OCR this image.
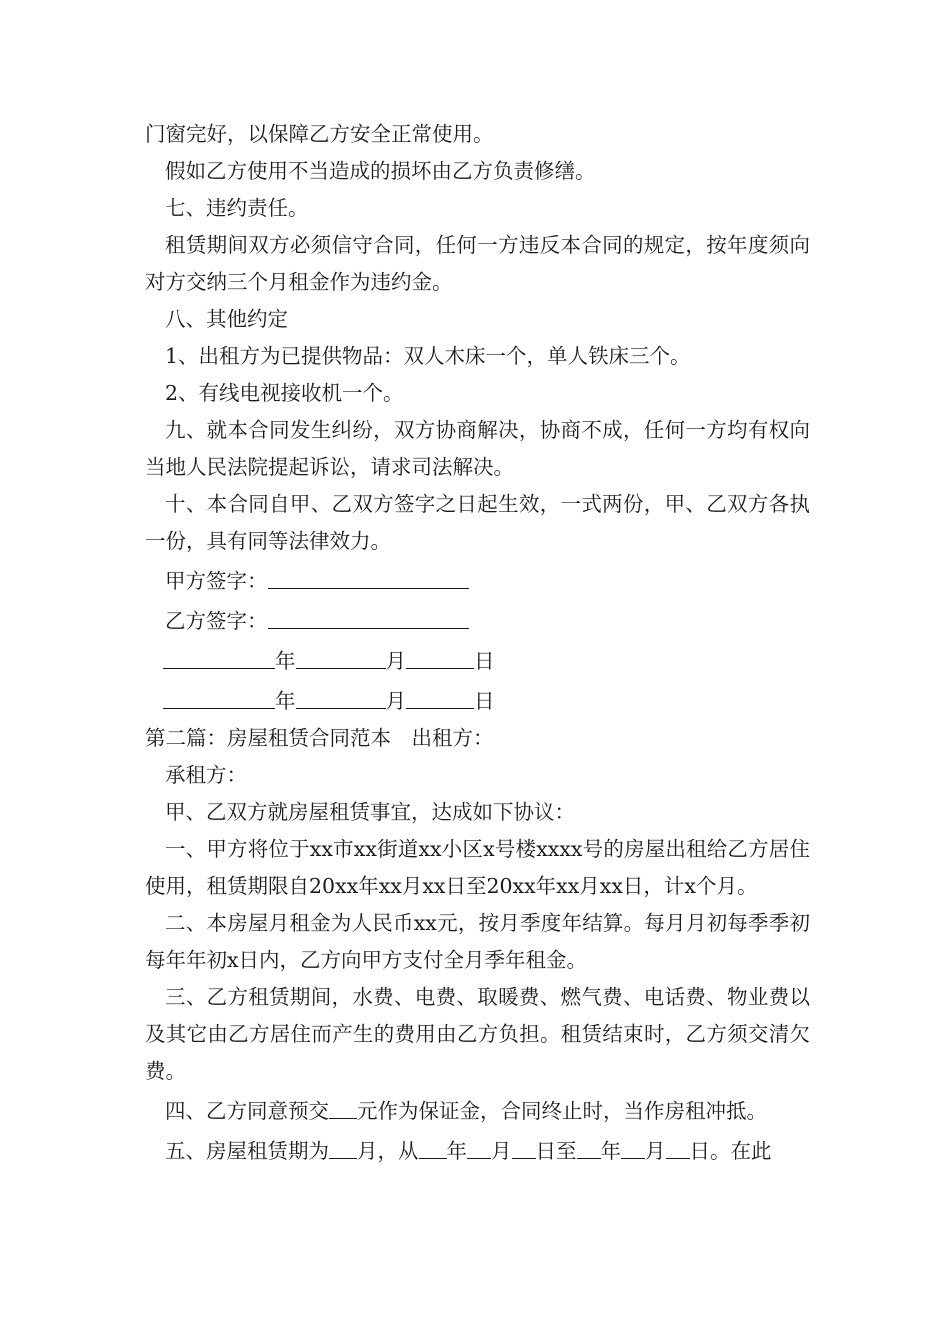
门窗完好，以保障乙方安全正常使用。

假如乙方使用不当造成的损坏由乙方负责修缮。

七、违约责任。

租赁期间双方必须信守合同，任何一方违反本合同的规定，按年度须向对方交纳三个月租金作为违约金。

八、其他约定

1、出租方为已提供物品：双人木床一个，单人铁床三个。

2、有线电视接收机一个。

九、就本合同发生纠纷，双方协商解决，协商不成，任何一方均有权向当地人民法院提起诉讼，请求司法解决。

十、本合同自甲、乙双方签字之日起生效，一式两份，甲、乙双方各执一份，具有同等法律效力。

甲方签字：

乙方签字：

年	月	日

年	月	日

第二篇：房屋租赁合同范本　出租方：

承租方：

甲、乙双方就房屋租赁事宜，达成如下协议：

一、甲方将位于xx市xx街道xx小区x号楼xxxx号的房屋出租给乙方居住使用，租赁期限自20xx年xx月xx日至20xx年xx月xx日，计x个月。

二、本房屋月租金为人民币xx元，按月季度年结算。每月月初每季季初每年年初x日内，乙方向甲方支付全月季年租金。

三、乙方租赁期间，水费、电费、取暖费、燃气费、电话费、物业费以及其它由乙方居住而产生的费用由乙方负担。租赁结束时，乙方须交清欠费。

四、乙方同意预交 元作为保证金，合同终止时，当作房租冲抵。

五、房屋租赁期为 月，从 年 月 日至 年 月 日。在此
